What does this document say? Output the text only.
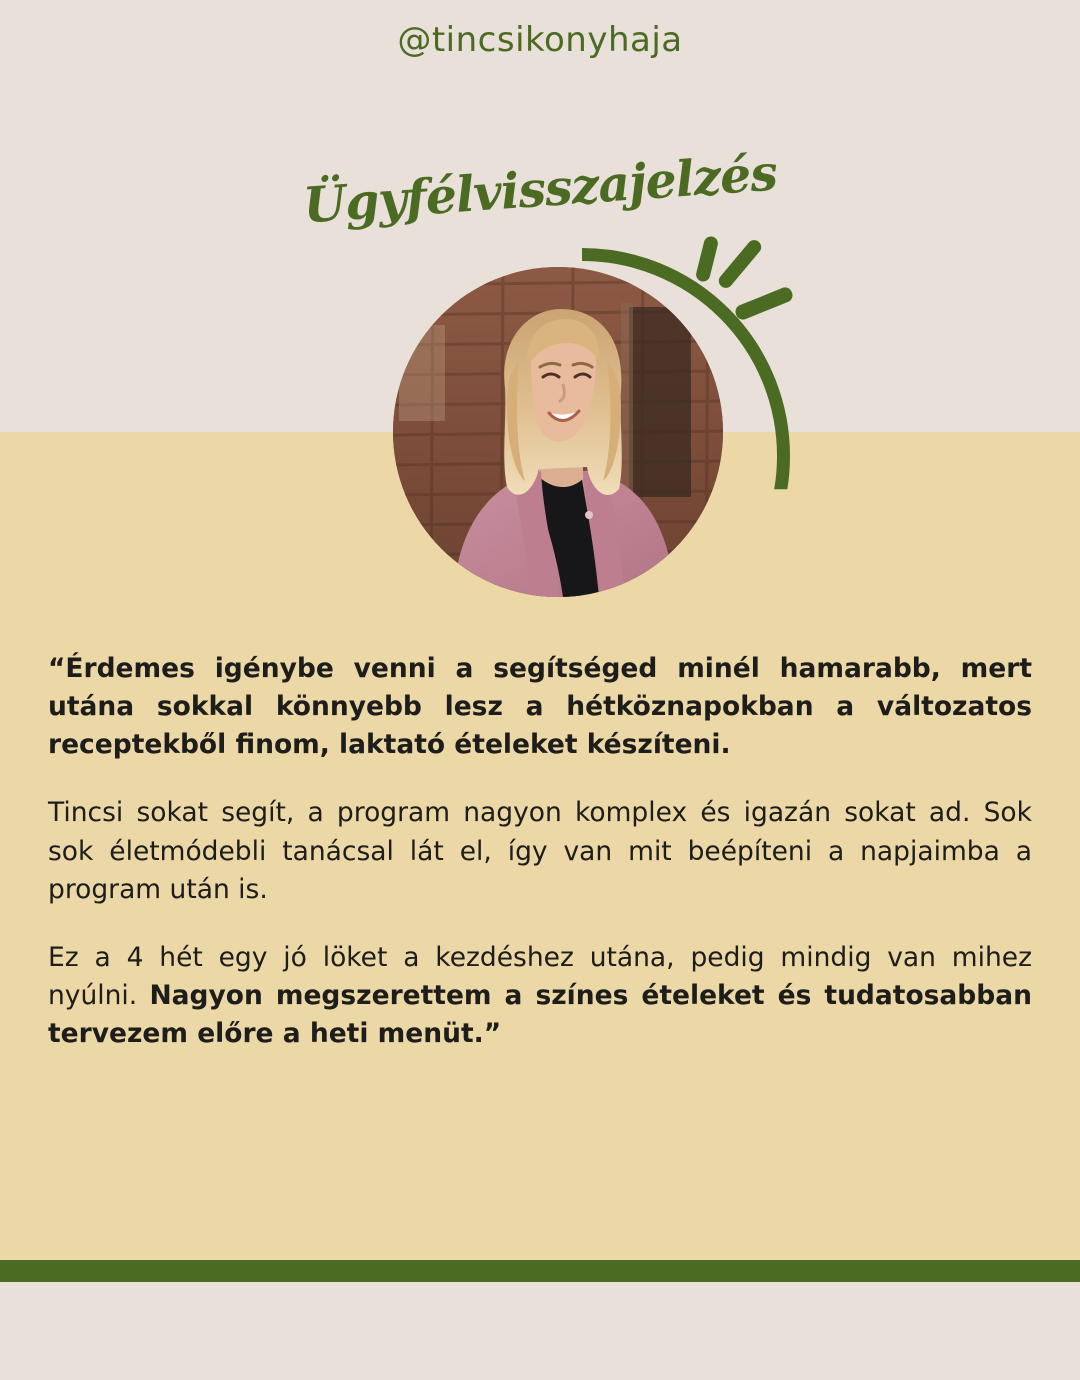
@tincsikonyhaja
Ügyfélvisszajelzés

“Érdemes igénybe venni a segítséged minél hamarabb, mert utána sokkal könnyebb lesz a hétköznapokban a változatos receptekből finom, laktató ételeket készíteni.

Tincsi sokat segít, a program nagyon komplex és igazán sokat ad. Sok sok életmódebli tanácsal lát el, így van mit beépíteni a napjaimba a program után is.

Ez a 4 hét egy jó löket a kezdéshez utána, pedig mindig van mihez nyúlni. Nagyon megszerettem a színes ételeket és tudatosabban tervezem előre a heti menüt.”
